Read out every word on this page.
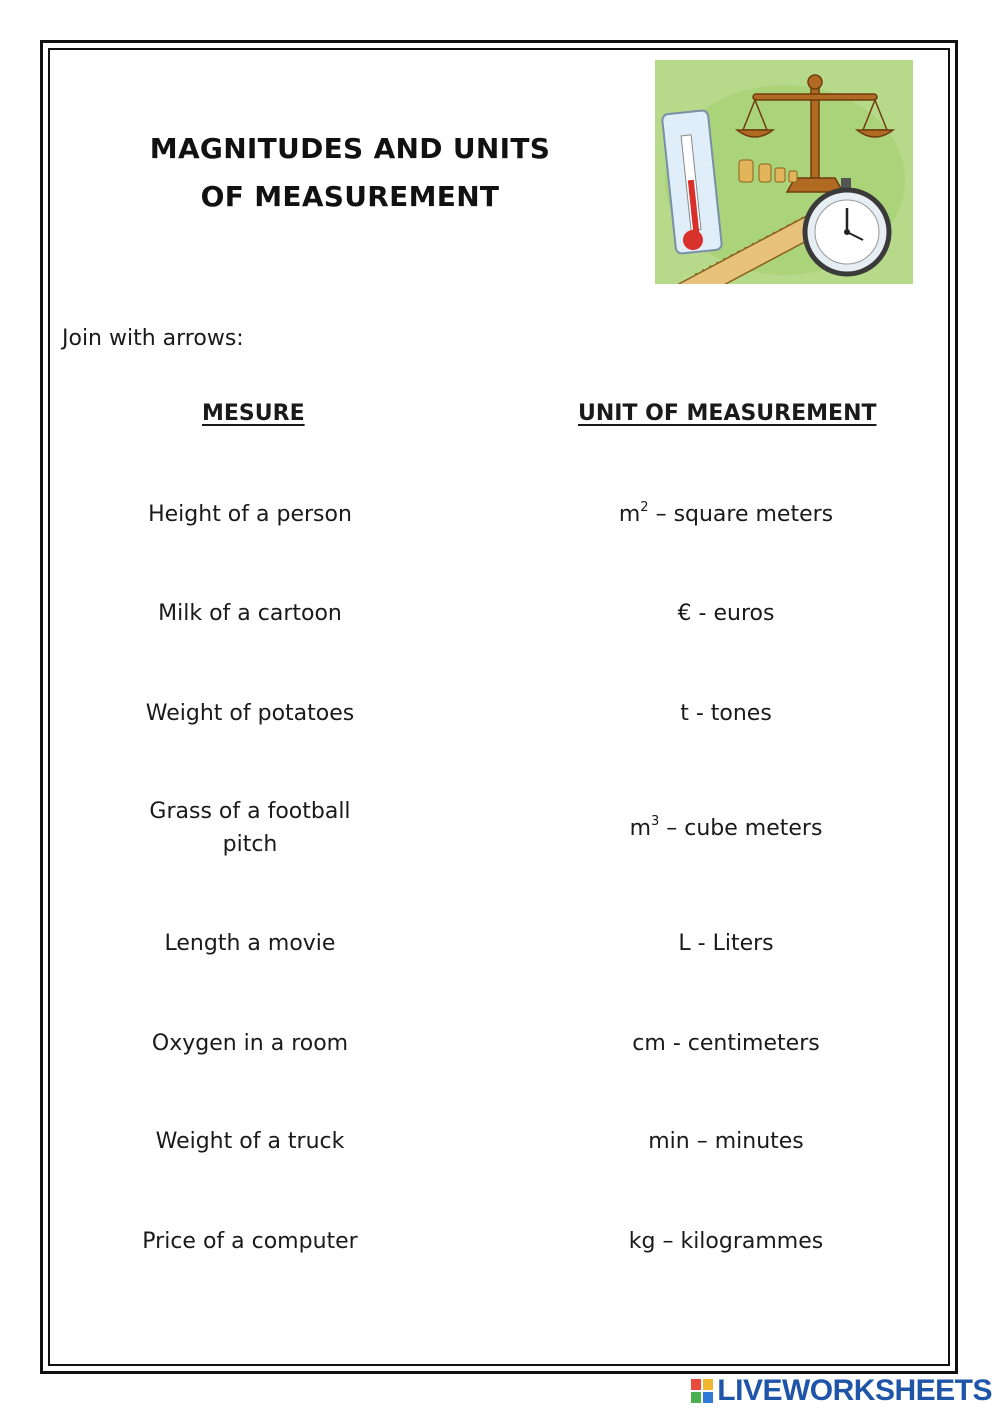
MAGNITUDES AND UNITS
OF MEASUREMENT
Join with arrows:
MESURE	UNIT OF MEASUREMENT
Height of a person
Milk of a cartoon
Weight of potatoes
Grass of a football
pitch
Length a movie
Oxygen in a room
Weight of a truck
Price of a computer
$m^2$ – square meters
€ - euros
t - tones
$m^3$ – cube meters
L - Liters
cm - centimeters
min – minutes
kg – kilogrammes
LIVEWORKSHEETS
